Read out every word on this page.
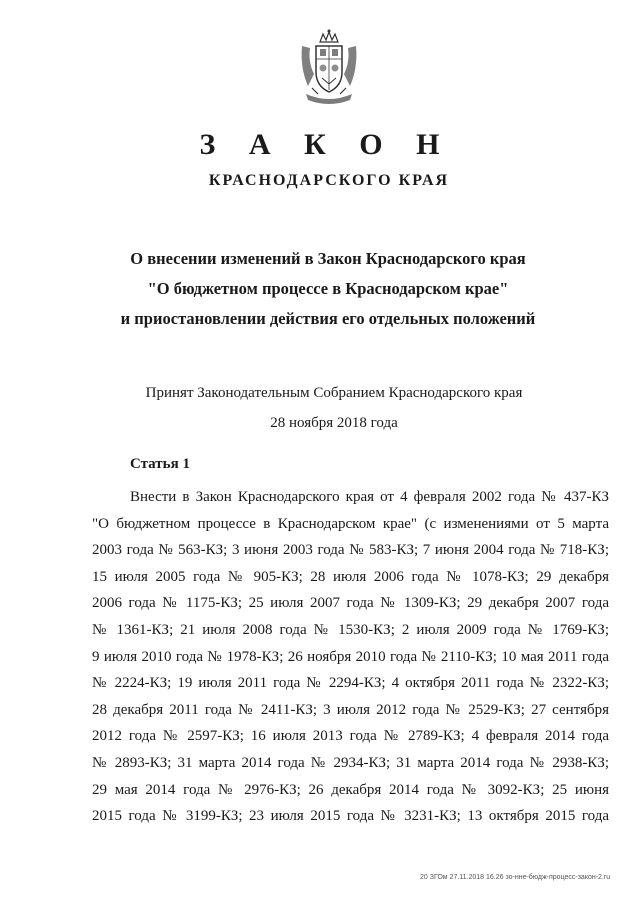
З А К О Н
КРАСНОДАРСКОГО КРАЯ
О внесении изменений в Закон Краснодарского края
"О бюджетном процессе в Краснодарском крае"
и приостановлении действия его отдельных положений
Принят Законодательным Собранием Краснодарского края
28 ноября 2018 года
Статья 1
Внести в Закон Краснодарского края от 4 февраля 2002 года № 437-КЗ
"О бюджетном процессе в Краснодарском крае" (с изменениями от 5 марта
2003 года № 563-КЗ; 3 июня 2003 года № 583-КЗ; 7 июня 2004 года № 718-КЗ;
15 июля 2005 года № 905-КЗ; 28 июля 2006 года № 1078-КЗ; 29 декабря
2006 года № 1175-КЗ; 25 июля 2007 года № 1309-КЗ; 29 декабря 2007 года
№ 1361-КЗ; 21 июля 2008 года № 1530-КЗ; 2 июля 2009 года № 1769-КЗ;
9 июля 2010 года № 1978-КЗ; 26 ноября 2010 года № 2110-КЗ; 10 мая 2011 года
№ 2224-КЗ; 19 июля 2011 года № 2294-КЗ; 4 октября 2011 года № 2322-КЗ;
28 декабря 2011 года № 2411-КЗ; 3 июля 2012 года № 2529-КЗ; 27 сентября
2012 года № 2597-КЗ; 16 июля 2013 года № 2789-КЗ; 4 февраля 2014 года
№ 2893-КЗ; 31 марта 2014 года № 2934-КЗ; 31 марта 2014 года № 2938-КЗ;
29 мая 2014 года № 2976-КЗ; 26 декабря 2014 года № 3092-КЗ; 25 июня
2015 года № 3199-КЗ; 23 июля 2015 года № 3231-КЗ; 13 октября 2015 года
20 ЗГОм 27.11.2018 16.26 зо-нне-бюдж-процесс-закон-2.ru
